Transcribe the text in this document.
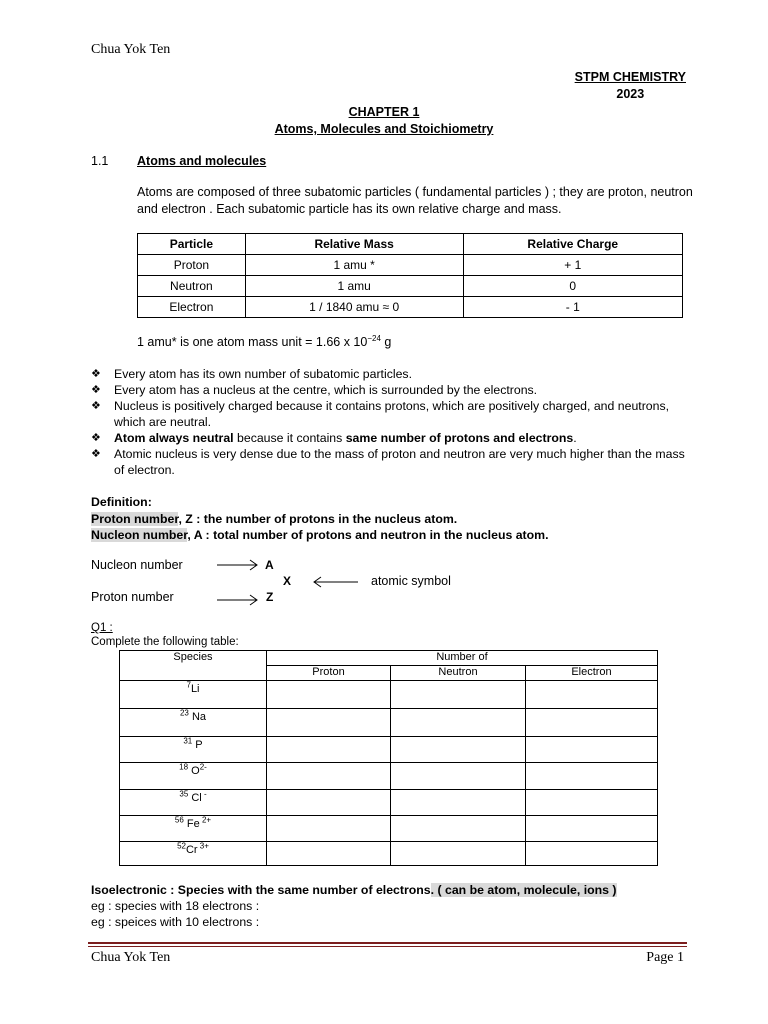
Chua Yok Ten
STPM CHEMISTRY
2023
CHAPTER 1
Atoms, Molecules and Stoichiometry
1.1 Atoms and molecules
Atoms are composed of three subatomic particles ( fundamental particles ) ; they are proton, neutron and electron . Each subatomic particle has its own relative charge and mass.
Particle	Relative Mass	Relative Charge
Proton	1 amu *	+ 1
Neutron	1 amu	0
Electron	1 / 1840 amu ≈ 0	- 1
1 amu* is one atom mass unit = 1.66 x $10^{-24}$ g
❖ Every atom has its own number of subatomic particles.
❖ Every atom has a nucleus at the centre, which is surrounded by the electrons.
❖ Nucleus is positively charged because it contains protons, which are positively charged, and neutrons, which are neutral.
❖ Atom always neutral because it contains same number of protons and electrons.
❖ Atomic nucleus is very dense due to the mass of proton and neutron are very much higher than the mass of electron.
Definition:
Proton number, Z : the number of protons in the nucleus atom.
Nucleon number, A : total number of protons and neutron in the nucleus atom.
Nucleon number
Proton number
A
X
Z
atomic symbol
Q1 :
Complete the following table:
Species	Number of		
	Proton	Neutron	Electron
$^7$Li			
$^{23}$ Na			
$^{31}$ P			
$^{18}$ $O^{2-}$			
$^{35}$ Cl -			
$^{56}$ Fe $^{2+}$			
$^{52}$Cr $^{3+}$			
Isoelectronic : Species with the same number of electrons. ( can be atom, molecule, ions )
eg : species with 18 electrons :
eg : speices with 10 electrons :
Chua Yok Ten	Page 1
